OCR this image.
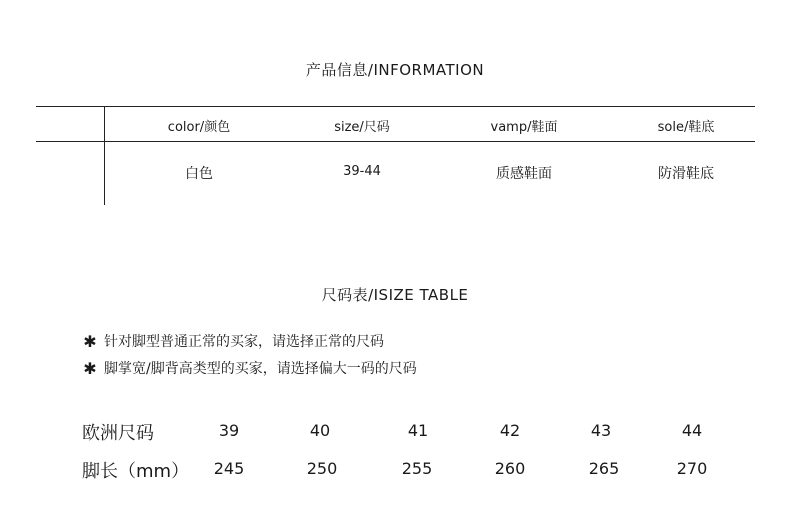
产品信息/INFORMATION
color/颜色	size/尺码	vamp/鞋面	sole/鞋底
白色	39-44	质感鞋面	防滑鞋底
尺码表/ISIZE TABLE
✱ 针对脚型普通正常的买家，请选择正常的尺码
✱ 脚掌宽/脚背高类型的买家，请选择偏大一码的尺码
欧洲尺码	39	40	41	42	43	44
脚长（mm） 245	250	255	260	265	270
